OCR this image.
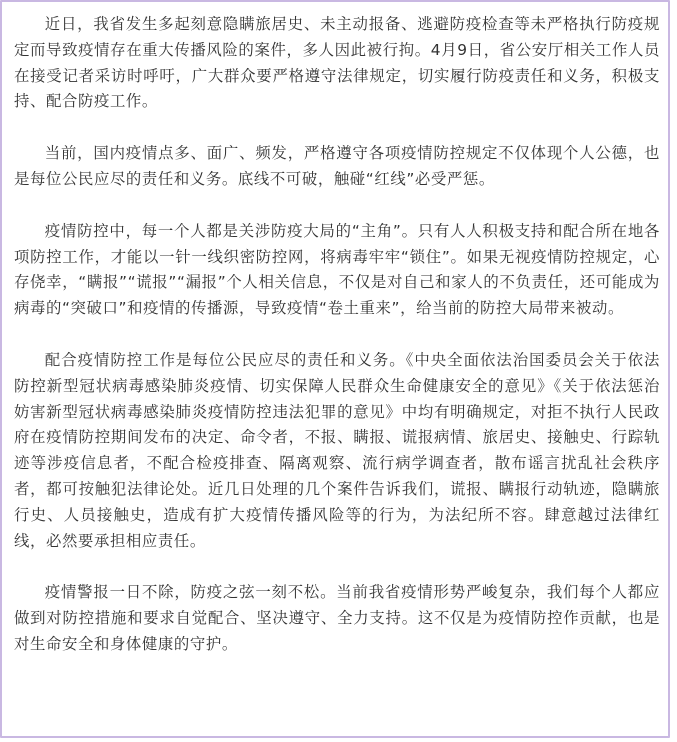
近日，我省发生多起刻意隐瞒旅居史、未主动报备、逃避防疫检查等未严格执行防疫规定而导致疫情存在重大传播风险的案件，多人因此被行拘。4月9日，省公安厅相关工作人员在接受记者采访时呼吁，广大群众要严格遵守法律规定，切实履行防疫责任和义务，积极支持、配合防疫工作。

当前，国内疫情点多、面广、频发，严格遵守各项疫情防控规定不仅体现个人公德，也是每位公民应尽的责任和义务。底线不可破，触碰“红线”必受严惩。

疫情防控中，每一个人都是关涉防疫大局的“主角”。只有人人积极支持和配合所在地各项防控工作，才能以一针一线织密防控网，将病毒牢牢“锁住”。如果无视疫情防控规定，心存侥幸，“瞒报”“谎报”“漏报”个人相关信息，不仅是对自己和家人的不负责任，还可能成为病毒的“突破口”和疫情的传播源，导致疫情“卷土重来”，给当前的防控大局带来被动。

配合疫情防控工作是每位公民应尽的责任和义务。《中央全面依法治国委员会关于依法防控新型冠状病毒感染肺炎疫情、切实保障人民群众生命健康安全的意见》《关于依法惩治妨害新型冠状病毒感染肺炎疫情防控违法犯罪的意见》中均有明确规定，对拒不执行人民政府在疫情防控期间发布的决定、命令者，不报、瞒报、谎报病情、旅居史、接触史、行踪轨迹等涉疫信息者，不配合检疫排查、隔离观察、流行病学调查者，散布谣言扰乱社会秩序者，都可按触犯法律论处。近几日处理的几个案件告诉我们，谎报、瞒报行动轨迹，隐瞒旅行史、人员接触史，造成有扩大疫情传播风险等的行为，为法纪所不容。肆意越过法律红线，必然要承担相应责任。

疫情警报一日不除，防疫之弦一刻不松。当前我省疫情形势严峻复杂，我们每个人都应做到对防控措施和要求自觉配合、坚决遵守、全力支持。这不仅是为疫情防控作贡献，也是对生命安全和身体健康的守护。
